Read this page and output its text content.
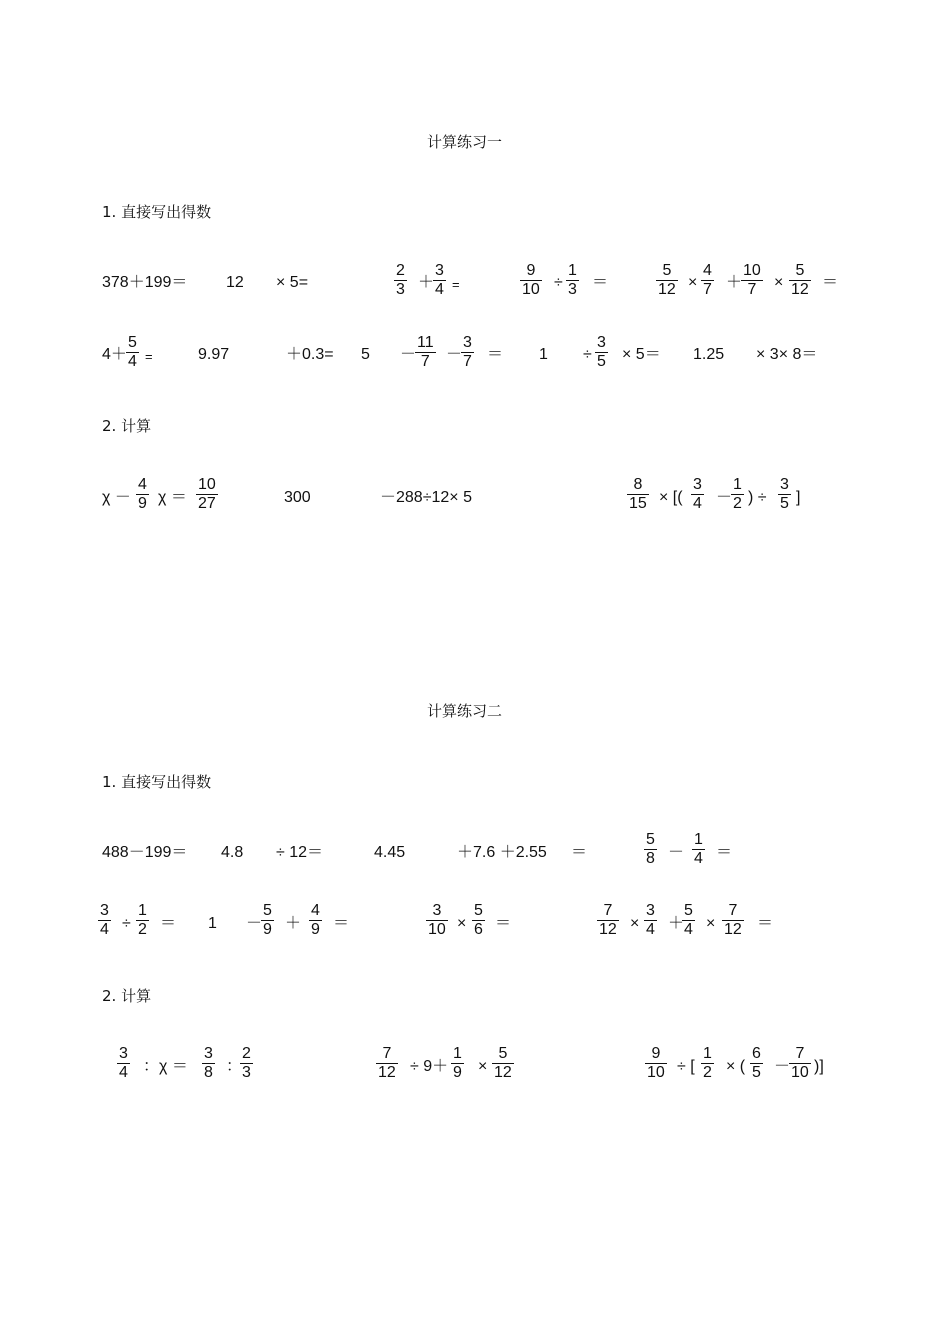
计算练习一
1. 直接写出得数
378＋199＝ 12 × 5=	$\frac{2}{3}$ ＋
$\frac{3}{4}$ =	$\frac{9}{10} \div \frac{1}{3}$ ＝	$\frac{5}{12} \times \frac{4}{7}$ ＋
$\frac{10}{7} \times \frac{5}{12}$ ＝
$4+ \frac{5}{4}$ =	9.97	＋0.3= 5 －
$\frac{11}{7}$ －
$\frac{3}{7} = 1 \div \frac{3}{5} \times 5= 1.25 \times 3\times 8=$
2. 计算
$\chi - \frac{4}{9}$ $\chi = \frac{10}{27}$	300	－288÷12× 5	$\frac{8}{15}$ × [( $\frac{3}{4}$ －
$\frac{1}{2}$ ) ÷ $\frac{3}{5}$ ]
计算练习二
1. 直接写出得数
488－199＝ 4.8 ÷ 12＝	4.45	＋7.6 ＋2.55 ＝	$\frac{5}{8} - \frac{1}{4}$ ＝
$\frac{3}{4} \div \frac{1}{2} = 1$ －
$\frac{5}{9} + \frac{4}{9}$ ＝	$\frac{3}{10} \times \frac{5}{6}$ ＝	$\frac{7}{12} \times \frac{3}{4}$ ＋
$\frac{5}{4} \times \frac{7}{12}$ ＝
2. 计算
$\frac{3}{4}$ ：$\chi = \frac{3}{8}$ ：
$\frac{2}{3}$	$\frac{7}{12} \div 9+ \frac{1}{9} \times \frac{5}{12}$	$\frac{9}{10}$ ÷ [ $\frac{1}{2}$ × ( $\frac{6}{5}$ －
$\frac{7}{10}$ )]
